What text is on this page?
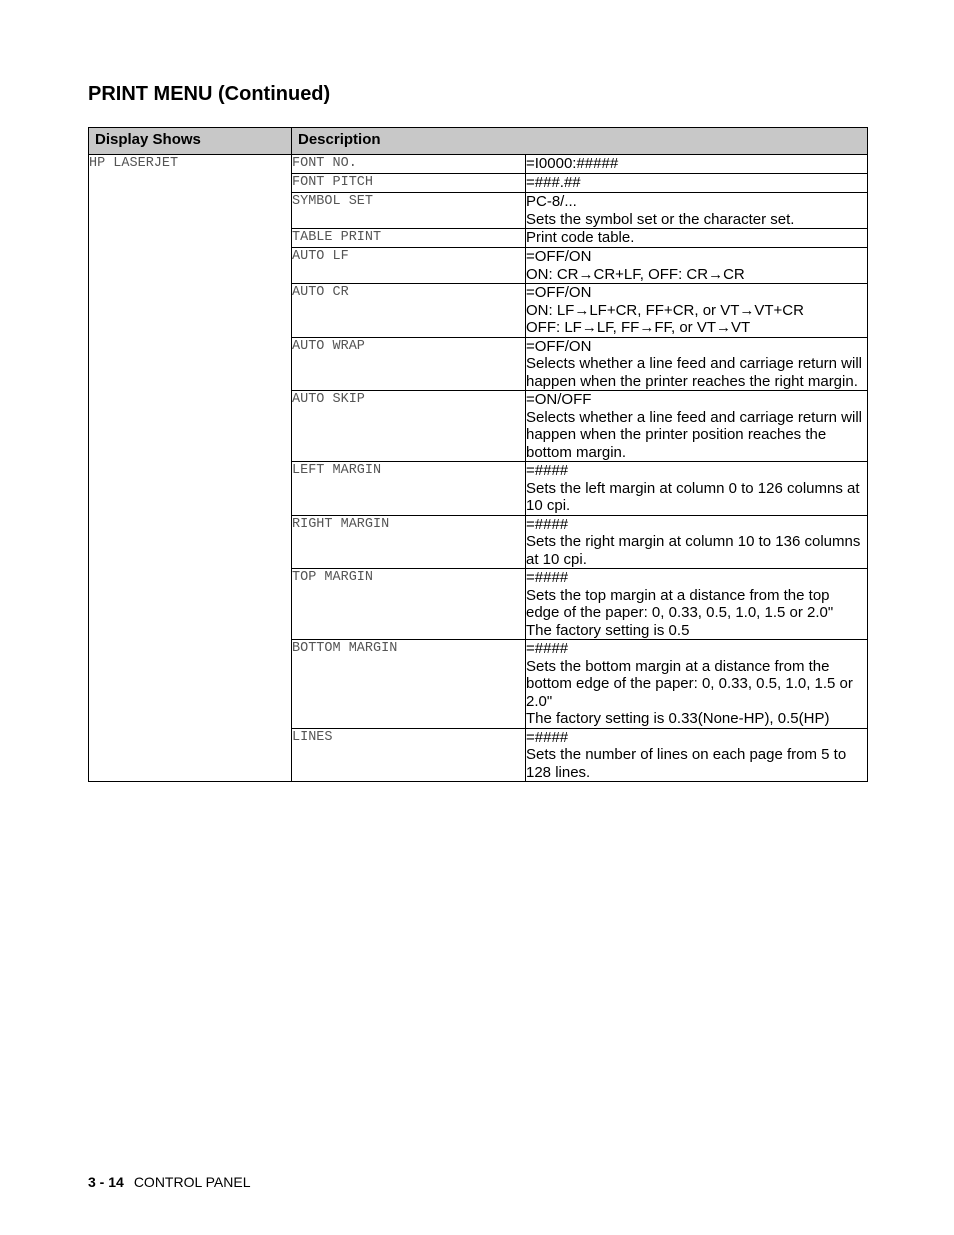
PRINT MENU (Continued)
Display Shows	Description	
HP LASERJET	FONT NO.	=I0000:#####

	FONT PITCH	=###.##

	SYMBOL SET	PC-8/...
Sets the symbol set or the character set.

	TABLE PRINT	Print code table.

	AUTO LF	=OFF/ON
ON: CR→CR+LF, OFF: CR→CR

	AUTO CR	=OFF/ON
ON: LF→LF+CR, FF+CR, or VT→VT+CR
OFF: LF→LF, FF→FF, or VT→VT

	AUTO WRAP	=OFF/ON
Selects whether a line feed and carriage return will happen when the printer reaches the right margin.

	AUTO SKIP	=ON/OFF
Selects whether a line feed and carriage return will happen when the printer position reaches the bottom margin.

	LEFT MARGIN	=####
Sets the left margin at column 0 to 126 columns at 10 cpi.

	RIGHT MARGIN	=####
Sets the right margin at column 10 to 136 columns at 10 cpi.

	TOP MARGIN	=####
Sets the top margin at a distance from the top edge of the paper: 0, 0.33, 0.5, 1.0, 1.5 or 2.0"
The factory setting is 0.5

	BOTTOM MARGIN	=####
Sets the bottom margin at a distance from the bottom edge of the paper: 0, 0.33, 0.5, 1.0, 1.5 or 2.0"
The factory setting is 0.33(None-HP), 0.5(HP)

	LINES	=####
Sets the number of lines on each page from 5 to 128 lines.
3 - 14 CONTROL PANEL
